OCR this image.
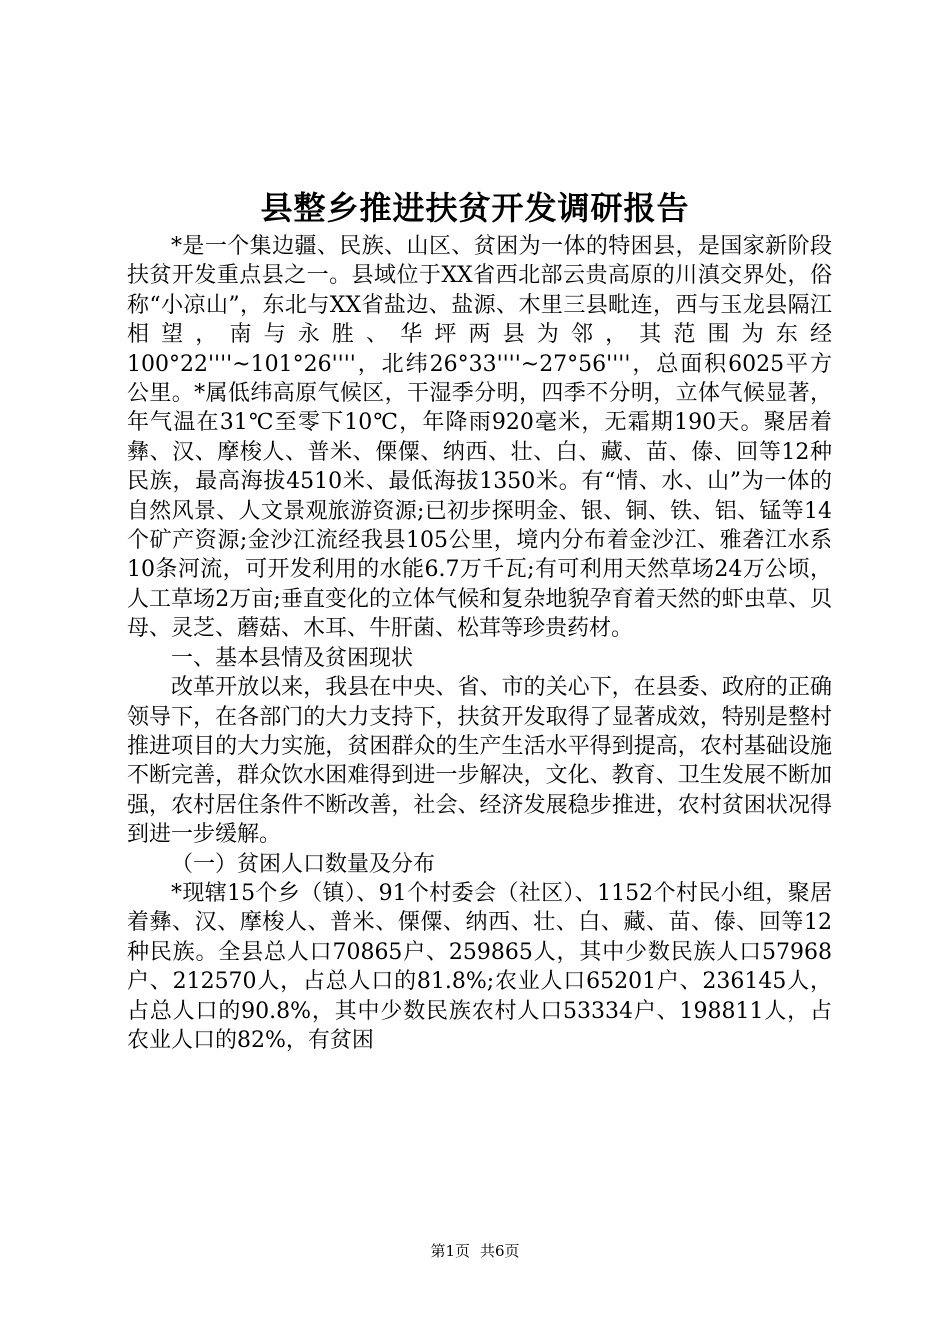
县整乡推进扶贫开发调研报告

*是一个集边疆、民族、山区、贫困为一体的特困县，是国家新阶段扶贫开发重点县之一。县域位于XX省西北部云贵高原的川滇交界处，俗称“小凉山”，东北与XX省盐边、盐源、木里三县毗连，西与玉龙县隔江相望，南与永胜、华坪两县为邻，其范围为东经100°22''''~101°26''''，北纬26°33''''~27°56''''，总面积6025平方公里。*属低纬高原气候区，干湿季分明，四季不分明，立体气候显著，年气温在31℃至零下10℃，年降雨920毫米，无霜期190天。聚居着彝、汉、摩梭人、普米、傈僳、纳西、壮、白、藏、苗、傣、回等12种民族，最高海拔4510米、最低海拔1350米。有“情、水、山”为一体的自然风景、人文景观旅游资源;已初步探明金、银、铜、铁、铝、锰等14个矿产资源;金沙江流经我县105公里，境内分布着金沙江、雅砻江水系10条河流，可开发利用的水能6.7万千瓦;有可利用天然草场24万公顷，人工草场2万亩;垂直变化的立体气候和复杂地貌孕育着天然的虾虫草、贝母、灵芝、蘑菇、木耳、牛肝菌、松茸等珍贵药材。

一、基本县情及贫困现状

改革开放以来，我县在中央、省、市的关心下，在县委、政府的正确领导下，在各部门的大力支持下，扶贫开发取得了显著成效，特别是整村推进项目的大力实施，贫困群众的生产生活水平得到提高，农村基础设施不断完善，群众饮水困难得到进一步解决，文化、教育、卫生发展不断加强，农村居住条件不断改善，社会、经济发展稳步推进，农村贫困状况得到进一步缓解。

（一）贫困人口数量及分布

*现辖15个乡（镇）、91个村委会（社区）、1152个村民小组，聚居着彝、汉、摩梭人、普米、傈僳、纳西、壮、白、藏、苗、傣、回等12种民族。全县总人口70865户、259865人，其中少数民族人口57968户、212570人，占总人口的81.8%;农业人口65201户、236145人，占总人口的90.8%，其中少数民族农村人口53334户、198811人，占农业人口的82%，有贫困

第1页 共6页
